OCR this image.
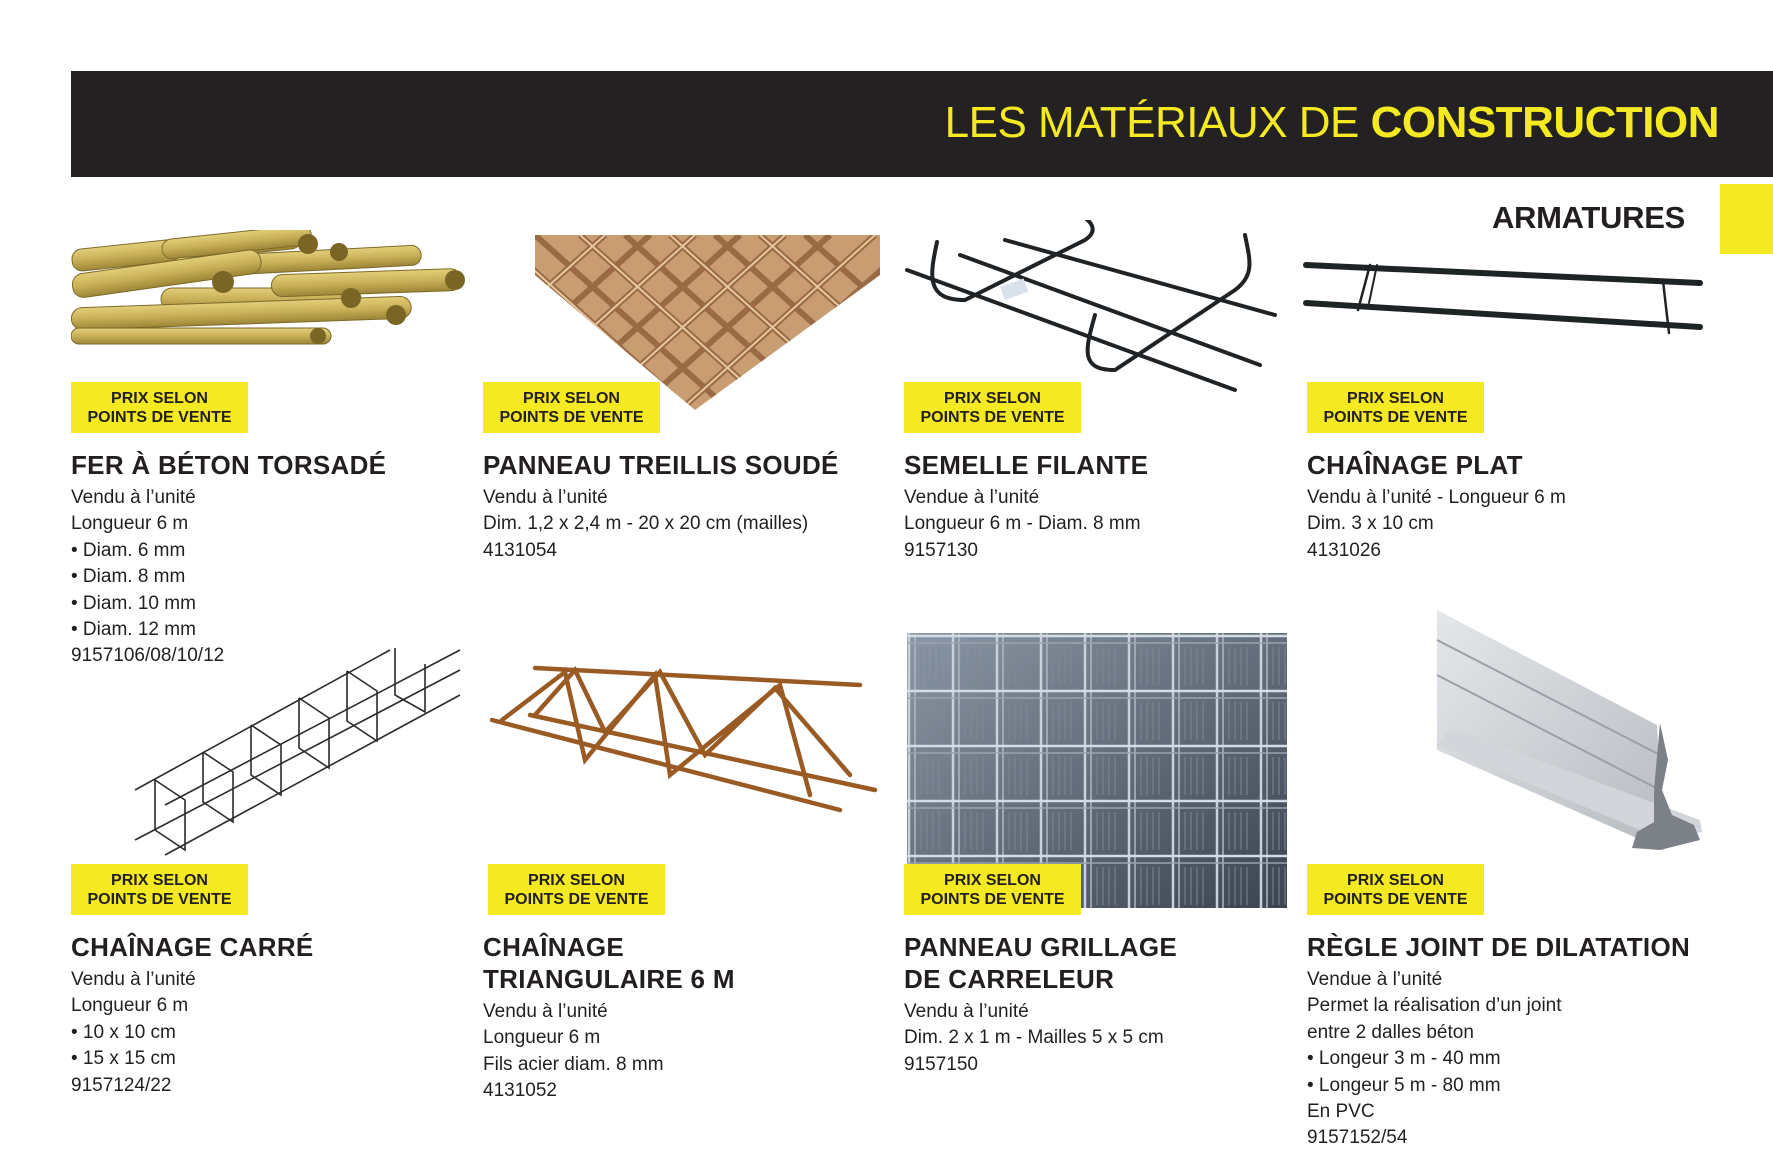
LES MATÉRIAUX DE CONSTRUCTION
ARMATURES
PRIX SELON
POINTS DE VENTE
FER À BÉTON TORSADÉ
Vendu à l’unité
Longueur 6 m
• Diam. 6 mm
• Diam. 8 mm
• Diam. 10 mm
• Diam. 12 mm
9157106/08/10/12
PRIX SELON
POINTS DE VENTE
PANNEAU TREILLIS SOUDÉ
Vendu à l’unité
Dim. 1,2 x 2,4 m - 20 x 20 cm (mailles)
4131054
PRIX SELON
POINTS DE VENTE
SEMELLE FILANTE
Vendue à l’unité
Longueur 6 m - Diam. 8 mm
9157130
PRIX SELON
POINTS DE VENTE
CHAÎNAGE PLAT
Vendu à l’unité - Longueur 6 m
Dim. 3 x 10 cm
4131026
PRIX SELON
POINTS DE VENTE
CHAÎNAGE CARRÉ
Vendu à l’unité
Longueur 6 m
• 10 x 10 cm
• 15 x 15 cm
9157124/22
PRIX SELON
POINTS DE VENTE
CHAÎNAGE
TRIANGULAIRE 6 M
Vendu à l’unité
Longueur 6 m
Fils acier diam. 8 mm
4131052
PRIX SELON
POINTS DE VENTE
PANNEAU GRILLAGE
DE CARRELEUR
Vendu à l’unité
Dim. 2 x 1 m - Mailles 5 x 5 cm
9157150
PRIX SELON
POINTS DE VENTE
RÈGLE JOINT DE DILATATION
Vendue à l’unité
Permet la réalisation d’un joint
entre 2 dalles béton
• Longeur 3 m - 40 mm
• Longeur 5 m - 80 mm
En PVC
9157152/54
